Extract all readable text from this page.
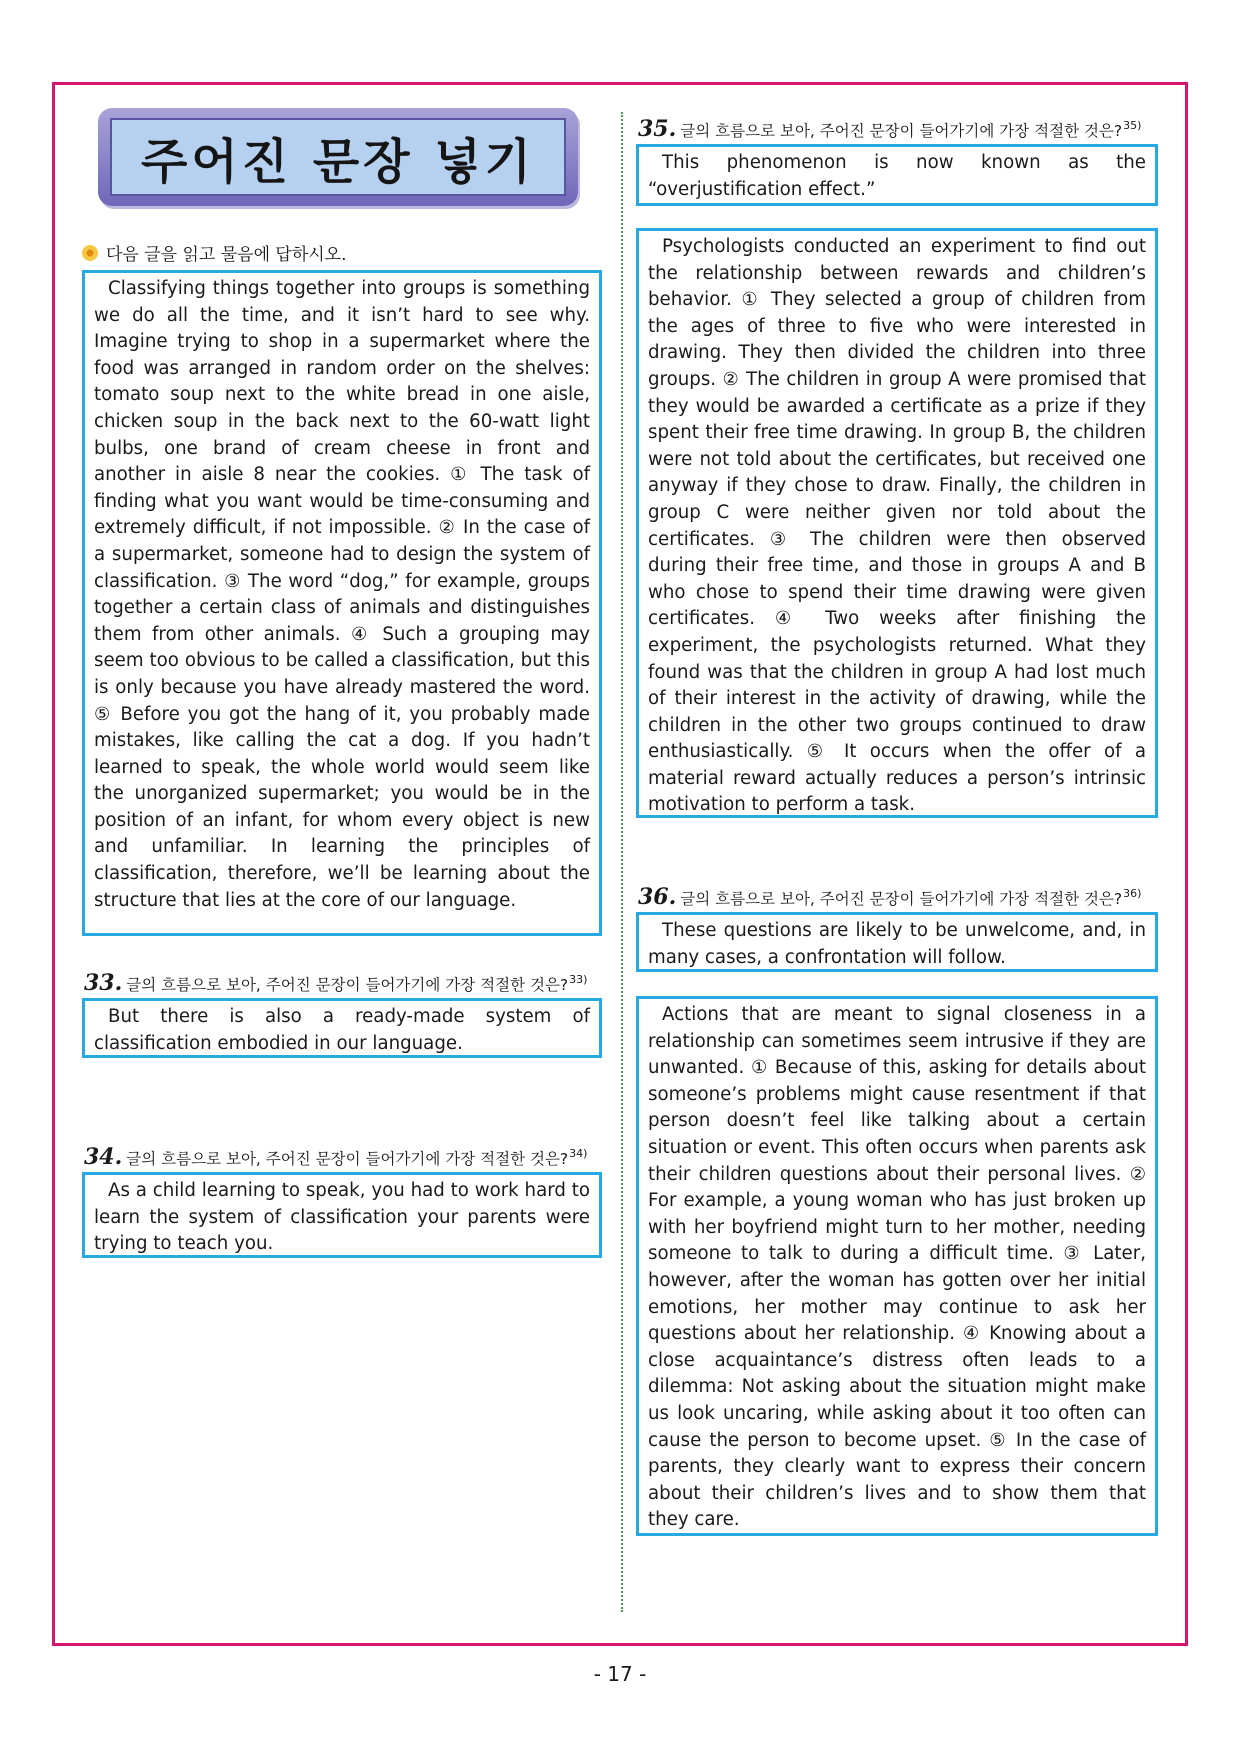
주어진 문장 넣기
다음 글을 읽고 물음에 답하시오.

Classifying things together into groups is something we do all the time, and it isn’t hard to see why. Imagine trying to shop in a supermarket where the food was arranged in random order on the shelves: tomato soup next to the white bread in one aisle, chicken soup in the back next to the 60-watt light bulbs, one brand of cream cheese in front and another in aisle 8 near the cookies. ① The task of finding what you want would be time-consuming and extremely difficult, if not impossible. ② In the case of a supermarket, someone had to design the system of classification. ③ The word “dog,” for example, groups together a certain class of animals and distinguishes them from other animals. ④ Such a grouping may seem too obvious to be called a classification, but this is only because you have already mastered the word. ⑤ Before you got the hang of it, you probably made mistakes, like calling the cat a dog. If you hadn’t learned to speak, the whole world would seem like the unorganized supermarket; you would be in the position of an infant, for whom every object is new and unfamiliar. In learning the principles of classification, therefore, we’ll be learning about the structure that lies at the core of our language.

33. 글의 흐름으로 보아, 주어진 문장이 들어가기에 가장 적절한 것은? 33)

But there is also a ready-made system of classification embodied in our language.

34. 글의 흐름으로 보아, 주어진 문장이 들어가기에 가장 적절한 것은? 34)

As a child learning to speak, you had to work hard to learn the system of classification your parents were trying to teach you.

35. 글의 흐름으로 보아, 주어진 문장이 들어가기에 가장 적절한 것은? 35)

This phenomenon is now known as the “overjustification effect.”

Psychologists conducted an experiment to find out the relationship between rewards and children’s behavior. ① They selected a group of children from the ages of three to five who were interested in drawing. They then divided the children into three groups. ② The children in group A were promised that they would be awarded a certificate as a prize if they spent their free time drawing. In group B, the children were not told about the certificates, but received one anyway if they chose to draw. Finally, the children in group C were neither given nor told about the certificates. ③ The children were then observed during their free time, and those in groups A and B who chose to spend their time drawing were given certificates. ④ Two weeks after finishing the experiment, the psychologists returned. What they found was that the children in group A had lost much of their interest in the activity of drawing, while the children in the other two groups continued to draw enthusiastically. ⑤ It occurs when the offer of a material reward actually reduces a person’s intrinsic motivation to perform a task.

36. 글의 흐름으로 보아, 주어진 문장이 들어가기에 가장 적절한 것은? 36)

These questions are likely to be unwelcome, and, in many cases, a confrontation will follow.

Actions that are meant to signal closeness in a relationship can sometimes seem intrusive if they are unwanted. ① Because of this, asking for details about someone’s problems might cause resentment if that person doesn’t feel like talking about a certain situation or event. This often occurs when parents ask their children questions about their personal lives. ② For example, a young woman who has just broken up with her boyfriend might turn to her mother, needing someone to talk to during a difficult time. ③ Later, however, after the woman has gotten over her initial emotions, her mother may continue to ask her questions about her relationship. ④ Knowing about a close acquaintance’s distress often leads to a dilemma: Not asking about the situation might make us look uncaring, while asking about it too often can cause the person to become upset. ⑤ In the case of parents, they clearly want to express their concern about their children’s lives and to show them that they care.

- 17 -
